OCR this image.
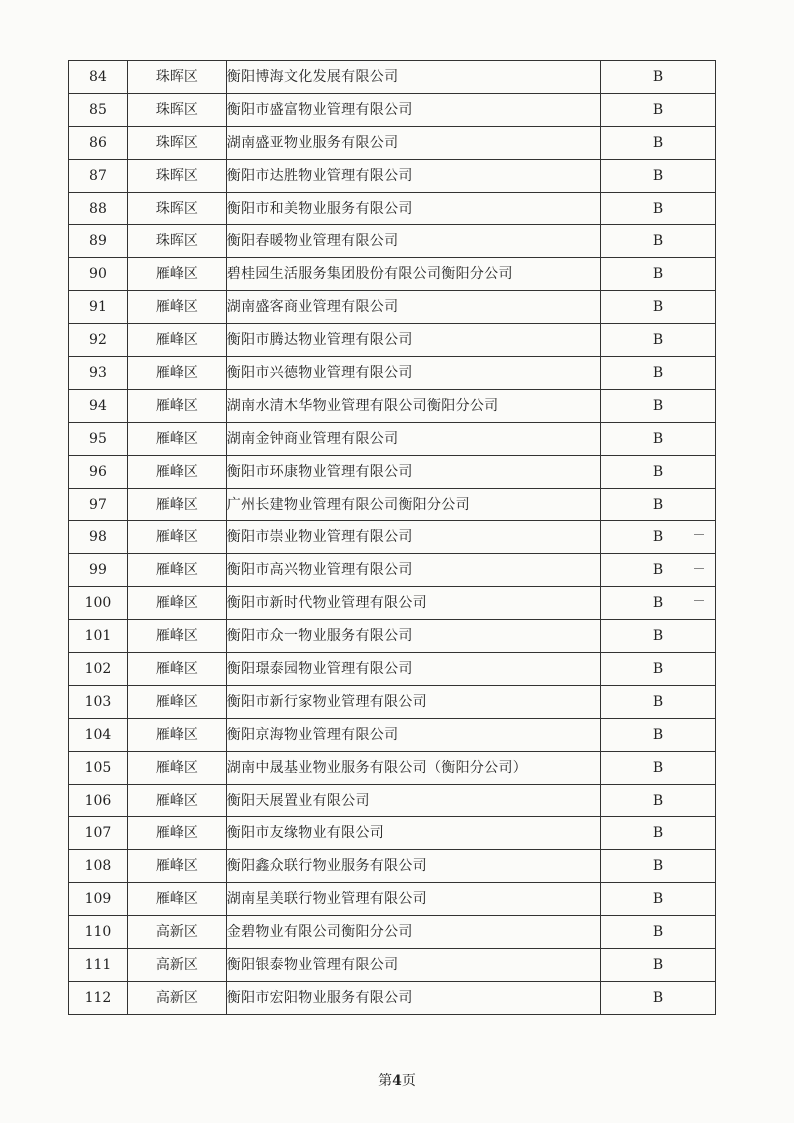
84	珠晖区	衡阳博海文化发展有限公司	B
85	珠晖区	衡阳市盛富物业管理有限公司	B
86	珠晖区	湖南盛亚物业服务有限公司	B
87	珠晖区	衡阳市达胜物业管理有限公司	B
88	珠晖区	衡阳市和美物业服务有限公司	B
89	珠晖区	衡阳春暖物业管理有限公司	B
90	雁峰区	碧桂园生活服务集团股份有限公司衡阳分公司	B
91	雁峰区	湖南盛客商业管理有限公司	B
92	雁峰区	衡阳市腾达物业管理有限公司	B
93	雁峰区	衡阳市兴德物业管理有限公司	B
94	雁峰区	湖南水清木华物业管理有限公司衡阳分公司	B
95	雁峰区	湖南金钟商业管理有限公司	B
96	雁峰区	衡阳市环康物业管理有限公司	B
97	雁峰区	广州长建物业管理有限公司衡阳分公司	B
98	雁峰区	衡阳市崇业物业管理有限公司	B
99	雁峰区	衡阳市高兴物业管理有限公司	B
100	雁峰区	衡阳市新时代物业管理有限公司	B
101	雁峰区	衡阳市众一物业服务有限公司	B
102	雁峰区	衡阳璟泰园物业管理有限公司	B
103	雁峰区	衡阳市新行家物业管理有限公司	B
104	雁峰区	衡阳京海物业管理有限公司	B
105	雁峰区	湖南中晟基业物业服务有限公司（衡阳分公司）	B
106	雁峰区	衡阳天展置业有限公司	B
107	雁峰区	衡阳市友缘物业有限公司	B
108	雁峰区	衡阳鑫众联行物业服务有限公司	B
109	雁峰区	湖南星美联行物业管理有限公司	B
110	高新区	金碧物业有限公司衡阳分公司	B
111	高新区	衡阳银泰物业管理有限公司	B
112	高新区	衡阳市宏阳物业服务有限公司	B
第4页
